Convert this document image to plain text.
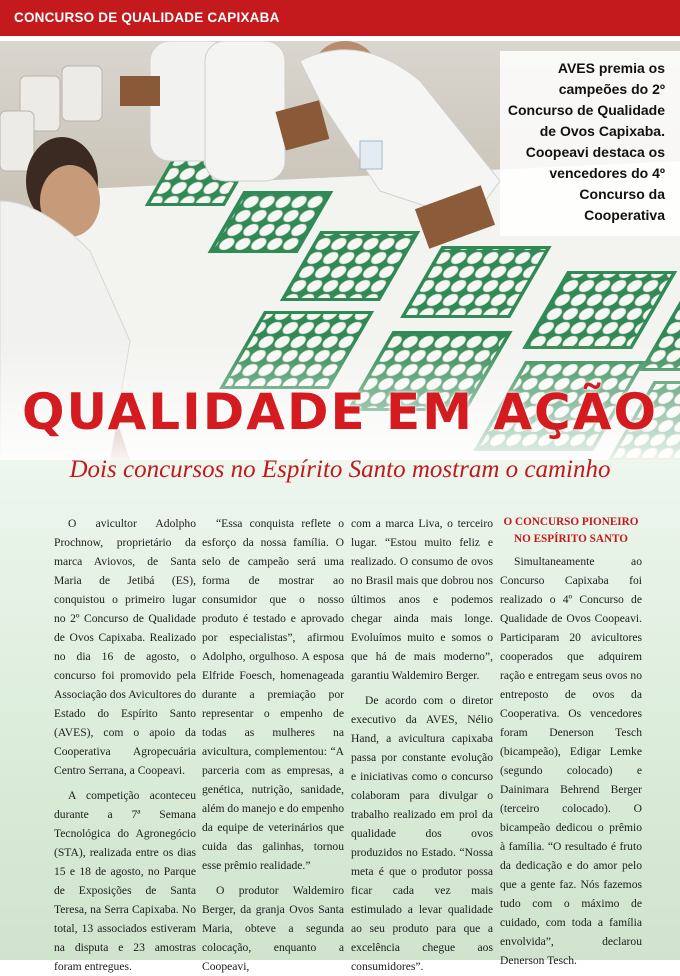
CONCURSO DE QUALIDADE CAPIXABA
AVES premia os campeões do 2º Concurso de Qualidade de Ovos Capixaba. Coopeavi destaca os vencedores do 4º Concurso da Cooperativa
QUALIDADE EM AÇÃO
Dois concursos no Espírito Santo mostram o caminho

O avicultor Adolpho Prochnow, proprietário da marca Aviovos, de Santa Maria de Jetibá (ES), conquistou o primeiro lugar no 2º Concurso de Qualidade de Ovos Capixaba. Realizado no dia 16 de agosto, o concurso foi promovido pela Associação dos Avicultores do Estado do Espírito Santo (AVES), com o apoio da Cooperativa Agropecuária Centro Serrana, a Coopeavi.

A competição aconteceu durante a 7ª Semana Tecnológica do Agronegócio (STA), realizada entre os dias 15 e 18 de agosto, no Parque de Exposições de Santa Teresa, na Serra Capixaba. No total, 13 associados estiveram na disputa e 23 amostras foram entregues.

“Essa conquista reflete o esforço da nossa família. O selo de campeão será uma forma de mostrar ao consumidor que o nosso produto é testado e aprovado por especialistas”, afirmou Adolpho, orgulhoso. A esposa Elfride Foesch, homenageada durante a premiação por representar o empenho de todas as mulheres na avicultura, complementou: “A parceria com as empresas, a genética, nutrição, sanidade, além do manejo e do empenho da equipe de veterinários que cuida das galinhas, tornou esse prêmio realidade.”

O produtor Waldemiro Berger, da granja Ovos Santa Maria, obteve a segunda colocação, enquanto a Coopeavi,

com a marca Liva, o terceiro lugar. “Estou muito feliz e realizado. O consumo de ovos no Brasil mais que dobrou nos últimos anos e podemos chegar ainda mais longe. Evoluímos muito e somos o que há de mais moderno”, garantiu Waldemiro Berger.

De acordo com o diretor executivo da AVES, Nélio Hand, a avicultura capixaba passa por constante evolução e iniciativas como o concurso colaboram para divulgar o trabalho realizado em prol da qualidade dos ovos produzidos no Estado. “Nossa meta é que o produtor possa ficar cada vez mais estimulado a levar qualidade ao seu produto para que a excelência chegue aos consumidores”.

O CONCURSO PIONEIRO NO ESPÍRITO SANTO

Simultaneamente ao Concurso Capixaba foi realizado o 4º Concurso de Qualidade de Ovos Coopeavi. Participaram 20 avicultores cooperados que adquirem ração e entregam seus ovos no entreposto de ovos da Cooperativa. Os vencedores foram Denerson Tesch (bicampeão), Edigar Lemke (segundo colocado) e Dainimara Behrend Berger (terceiro colocado). O bicampeão dedicou o prêmio à família. “O resultado é fruto da dedicação e do amor pelo que a gente faz. Nós fazemos tudo com o máximo de cuidado, com toda a família envolvida”, declarou Denerson Tesch.
